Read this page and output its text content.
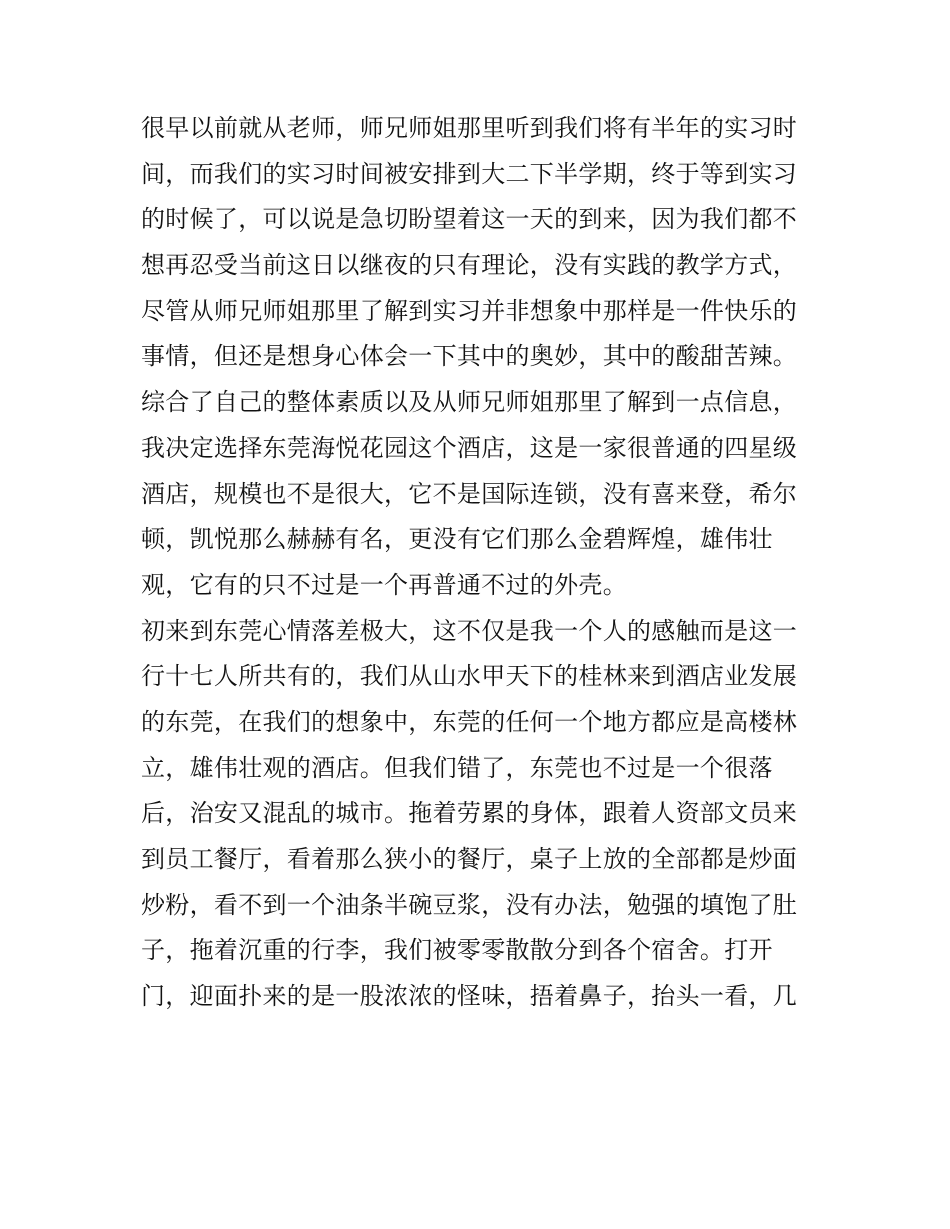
很早以前就从老师，师兄师姐那里听到我们将有半年的实习时
间，而我们的实习时间被安排到大二下半学期，终于等到实习
的时候了，可以说是急切盼望着这一天的到来，因为我们都不
想再忍受当前这日以继夜的只有理论，没有实践的教学方式，
尽管从师兄师姐那里了解到实习并非想象中那样是一件快乐的
事情，但还是想身心体会一下其中的奥妙，其中的酸甜苦辣。
综合了自己的整体素质以及从师兄师姐那里了解到一点信息，
我决定选择东莞海悦花园这个酒店，这是一家很普通的四星级
酒店，规模也不是很大，它不是国际连锁，没有喜来登，希尔
顿，凯悦那么赫赫有名，更没有它们那么金碧辉煌，雄伟壮
观，它有的只不过是一个再普通不过的外壳。
初来到东莞心情落差极大，这不仅是我一个人的感触而是这一
行十七人所共有的，我们从山水甲天下的桂林来到酒店业发展
的东莞，在我们的想象中，东莞的任何一个地方都应是高楼林
立，雄伟壮观的酒店。但我们错了，东莞也不过是一个很落
后，治安又混乱的城市。拖着劳累的身体，跟着人资部文员来
到员工餐厅，看着那么狭小的餐厅，桌子上放的全部都是炒面
炒粉，看不到一个油条半碗豆浆，没有办法，勉强的填饱了肚
子，拖着沉重的行李，我们被零零散散分到各个宿舍。打开
门，迎面扑来的是一股浓浓的怪味，捂着鼻子，抬头一看，几
